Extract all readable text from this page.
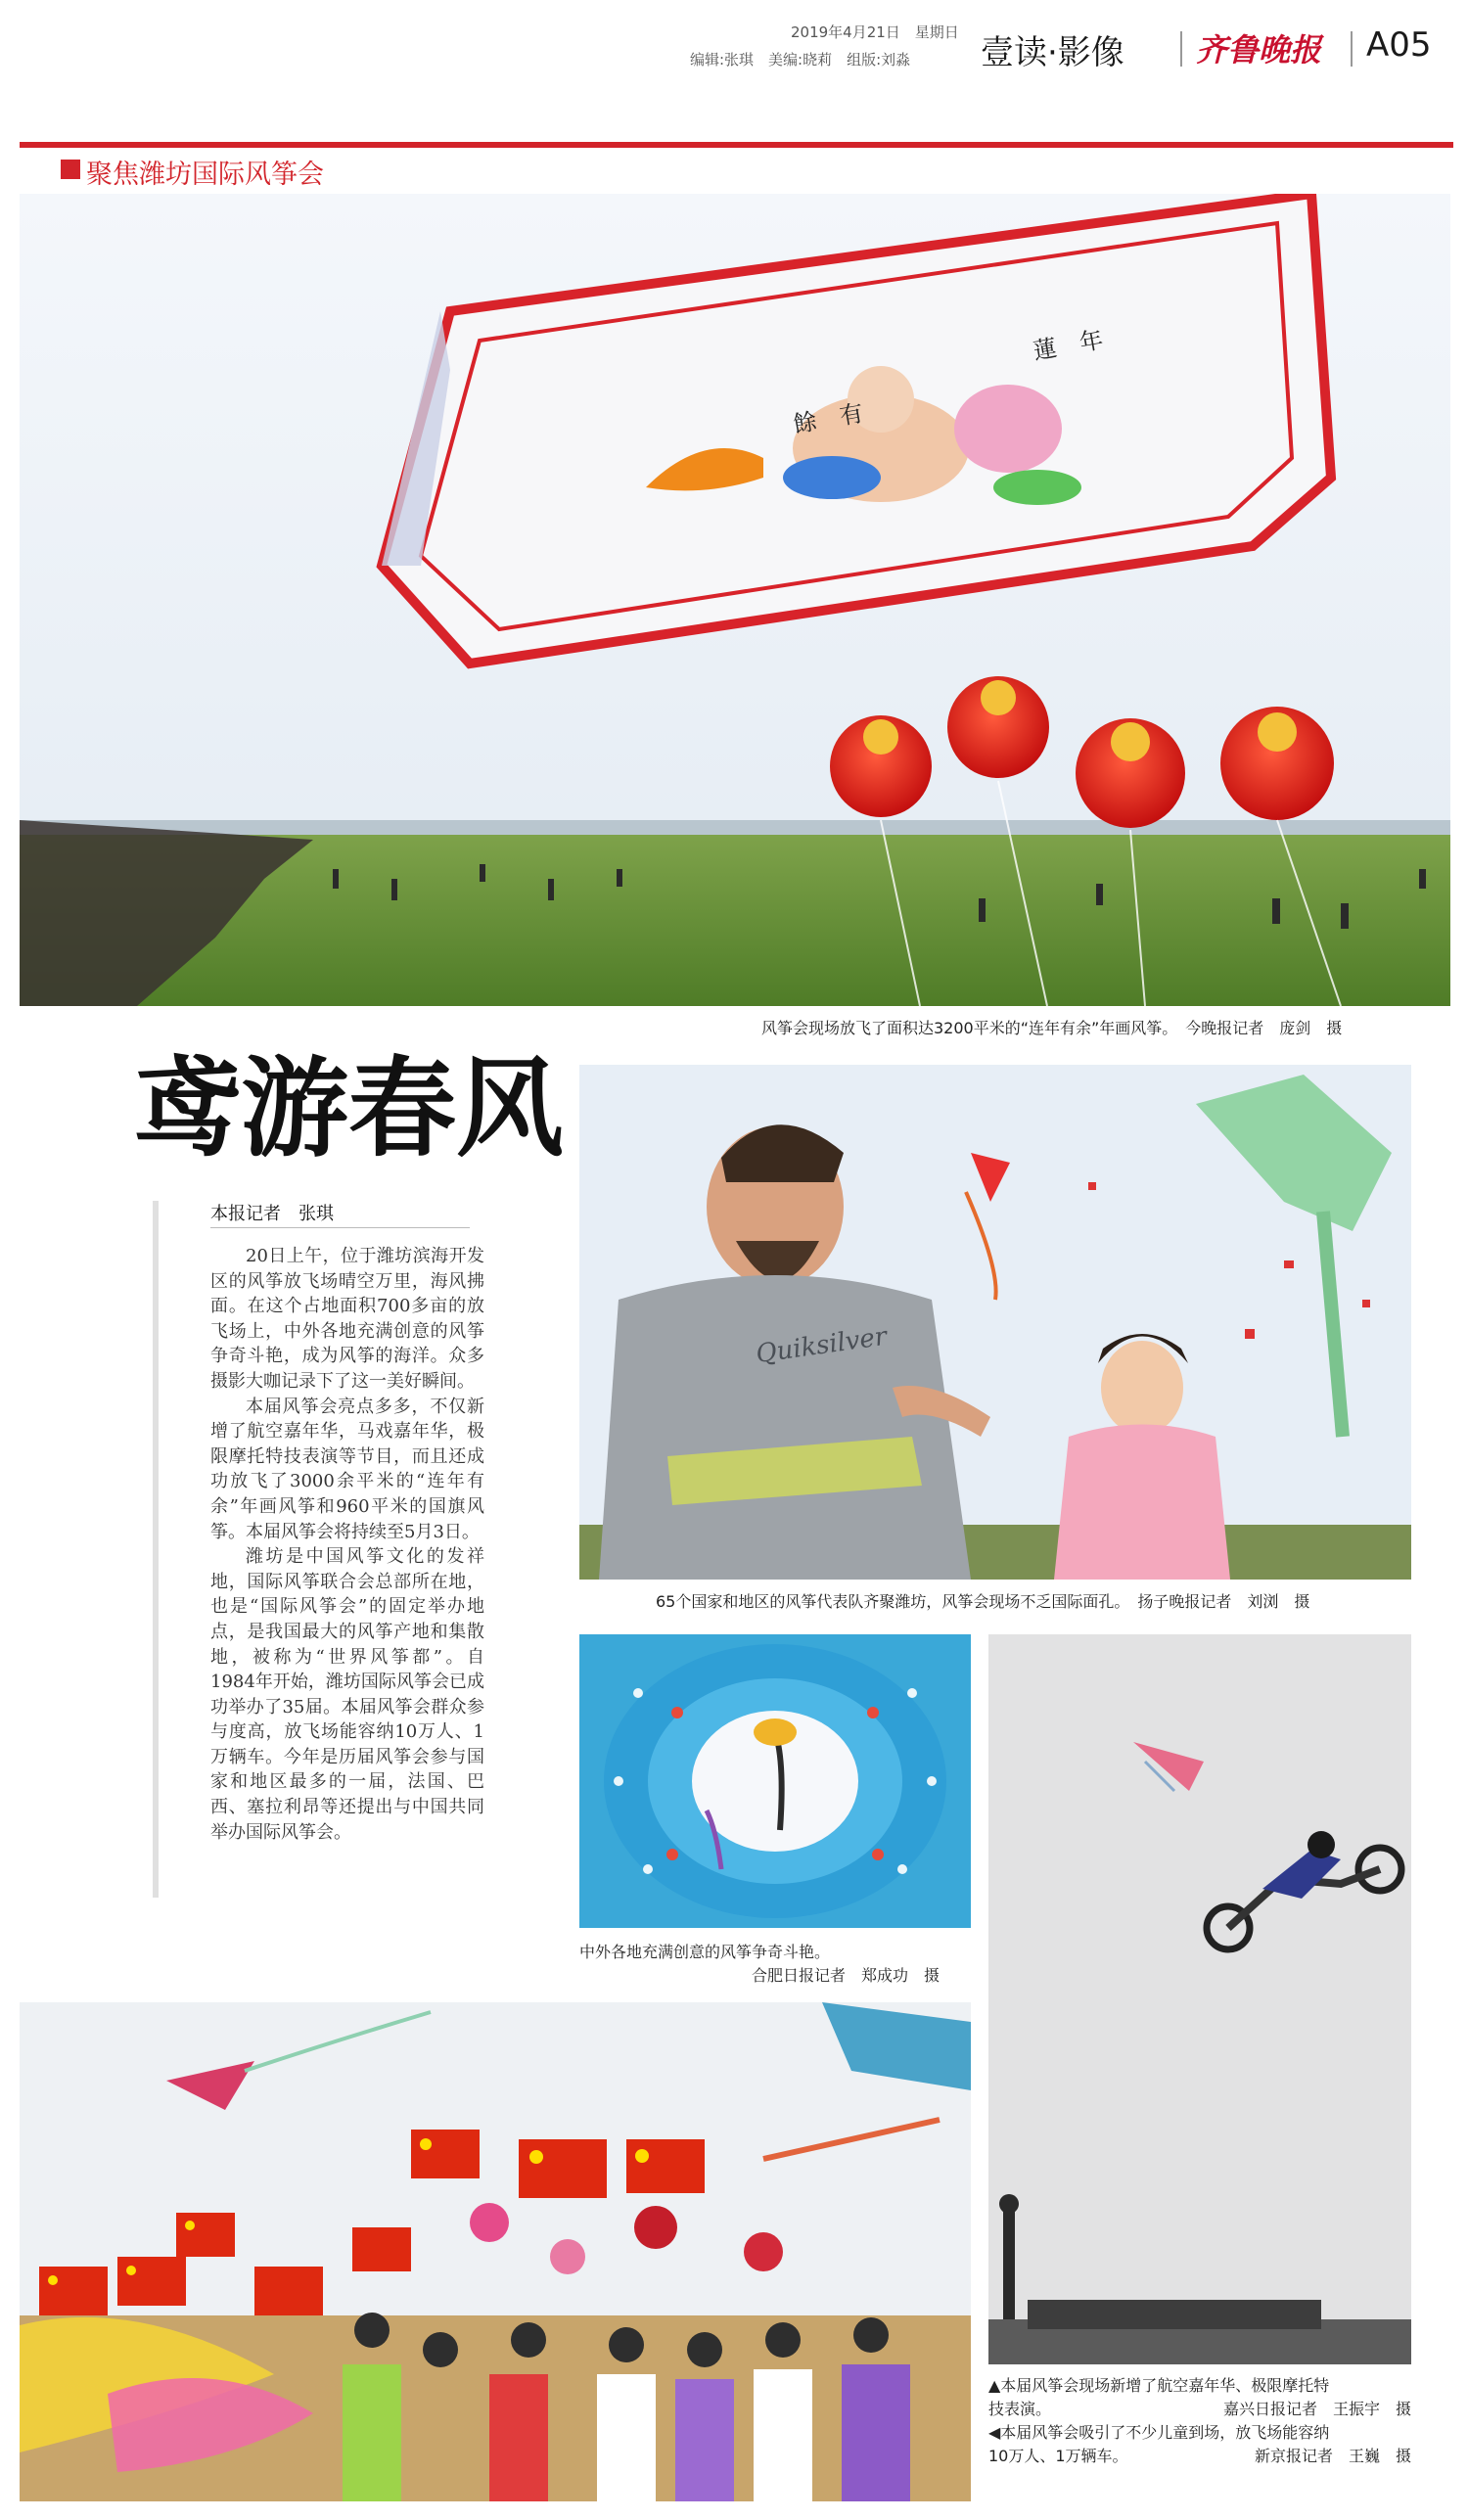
2019年4月21日　星期日
编辑:张琪　美编:晓莉　组版:刘淼 壹读·影像 齐鲁晚报 A05
聚焦潍坊国际风筝会
蓮　年
餘　有
风筝会现场放飞了面积达3200平米的“连年有余”年画风筝。　今晚报记者　庞剑　摄
鸢游春风
本报记者　张琪

20日上午，位于潍坊滨海开发区的风筝放飞场晴空万里，海风拂面。在这个占地面积700多亩的放飞场上，中外各地充满创意的风筝争奇斗艳，成为风筝的海洋。众多摄影大咖记录下了这一美好瞬间。

本届风筝会亮点多多，不仅新增了航空嘉年华，马戏嘉年华，极限摩托特技表演等节目，而且还成功放飞了3000余平米的“连年有余”年画风筝和960平米的国旗风筝。本届风筝会将持续至5月3日。

潍坊是中国风筝文化的发祥地，国际风筝联合会总部所在地，也是“国际风筝会”的固定举办地点，是我国最大的风筝产地和集散地，被称为“世界风筝都”。自1984年开始，潍坊国际风筝会已成功举办了35届。本届风筝会群众参与度高，放飞场能容纳10万人、1万辆车。今年是历届风筝会参与国家和地区最多的一届，法国、巴西、塞拉利昂等还提出与中国共同举办国际风筝会。

Quiksilver
65个国家和地区的风筝代表队齐聚潍坊，风筝会现场不乏国际面孔。　扬子晚报记者　刘浏　摄
中外各地充满创意的风筝争奇斗艳。
合肥日报记者　郑成功　摄
▲本届风筝会现场新增了航空嘉年华、极限摩托特
技表演。	嘉兴日报记者　王振宇　摄
◀本届风筝会吸引了不少儿童到场，放飞场能容纳
10万人、1万辆车。	新京报记者　王巍　摄
